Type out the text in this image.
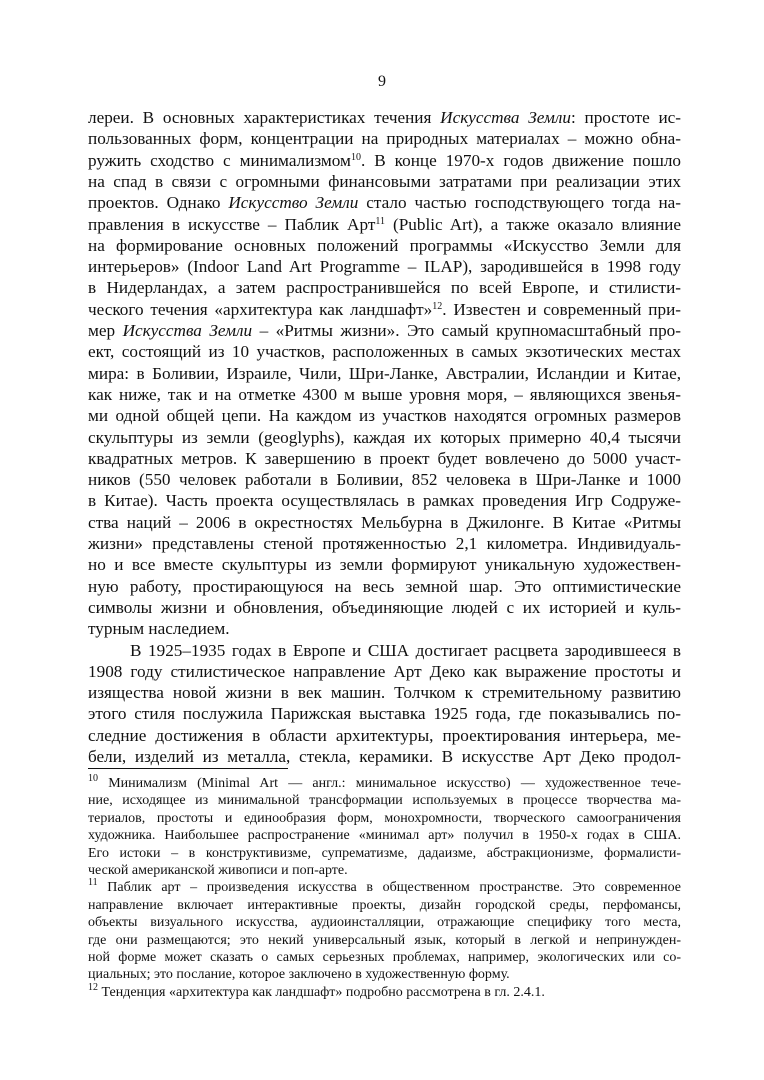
9
лереи. В основных характеристиках течения Искусства Земли: простоте ис-
пользованных форм, концентрации на природных материалах – можно обна-
ружить сходство с минимализмом$^{10}$. В конце 1970-х годов движение пошло
на спад в связи с огромными финансовыми затратами при реализации этих
проектов. Однако Искусство Земли стало частью господствующего тогда на-
правления в искусстве – Паблик Арт$^{11}$ (Public Art), а также оказало влияние
на формирование основных положений программы «Искусство Земли для
интерьеров» (Indoor Land Art Programme – ILAP), зародившейся в 1998 году
в Нидерландах, а затем распространившейся по всей Европе, и стилисти-
ческого течения «архитектура как ландшафт»$^{12}$. Известен и современный при-
мер Искусства Земли – «Ритмы жизни». Это самый крупномасштабный про-
ект, состоящий из 10 участков, расположенных в самых экзотических местах
мира: в Боливии, Израиле, Чили, Шри-Ланке, Австралии, Исландии и Китае,
как ниже, так и на отметке 4300 м выше уровня моря, – являющихся звенья-
ми одной общей цепи. На каждом из участков находятся огромных размеров
скульптуры из земли (geoglyphs), каждая их которых примерно 40,4 тысячи
квадратных метров. К завершению в проект будет вовлечено до 5000 участ-
ников (550 человек работали в Боливии, 852 человека в Шри-Ланке и 1000
в Китае). Часть проекта осуществлялась в рамках проведения Игр Содруже-
ства наций – 2006 в окрестностях Мельбурна в Джилонге. В Китае «Ритмы
жизни» представлены стеной протяженностью 2,1 километра. Индивидуаль-
но и все вместе скульптуры из земли формируют уникальную художествен-
ную работу, простирающуюся на весь земной шар. Это оптимистические
символы жизни и обновления, объединяющие людей с их историей и куль-
турным наследием.
В 1925–1935 годах в Европе и США достигает расцвета зародившееся в
1908 году стилистическое направление Арт Деко как выражение простоты и
изящества новой жизни в век машин. Толчком к стремительному развитию
этого стиля послужила Парижская выставка 1925 года, где показывались по-
следние достижения в области архитектуры, проектирования интерьера, ме-
бели, изделий из металла, стекла, керамики. В искусстве Арт Деко продол-
$^{10}$ Минимализм (Minimal Art — англ.: минимальное искусство) — художественное тече-
ние, исходящее из минимальной трансформации используемых в процессе творчества ма-
териалов, простоты и единообразия форм, монохромности, творческого самоограничения
художника. Наибольшее распространение «минимал арт» получил в 1950-х годах в США.
Его истоки – в конструктивизме, супрематизме, дадаизме, абстракционизме, формалисти-
ческой американской живописи и поп-арте.
$^{11}$ Паблик арт – произведения искусства в общественном пространстве. Это современное
направление включает интерактивные проекты, дизайн городской среды, перфомансы,
объекты визуального искусства, аудиоинсталляции, отражающие специфику того места,
где они размещаются; это некий универсальный язык, который в легкой и непринужден-
ной форме может сказать о самых серьезных проблемах, например, экологических или со-
циальных; это послание, которое заключено в художественную форму.
$^{12}$ Тенденция «архитектура как ландшафт» подробно рассмотрена в гл. 2.4.1.
